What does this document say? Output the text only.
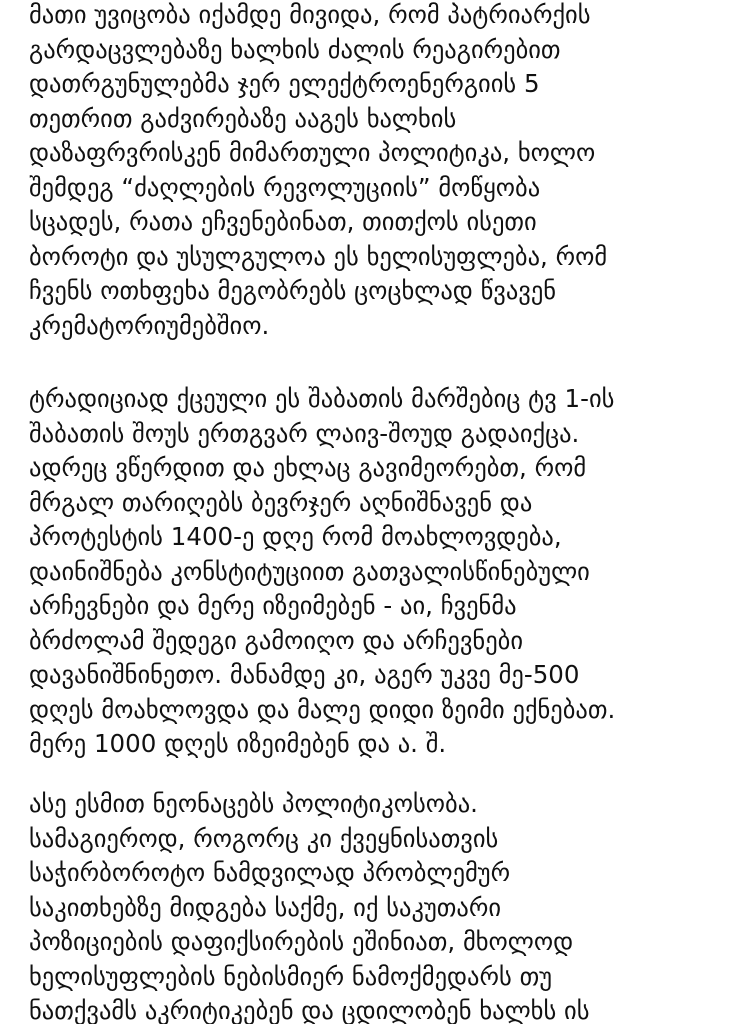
მათი უვიცობა იქამდე მივიდა, რომ პატრიარქის
გარდაცვლებაზე ხალხის ძალის რეაგირებით
დათრგუნულებმა ჯერ ელექტროენერგიის 5
თეთრით გაძვირებაზე ააგეს ხალხის
დაზაფრვრისკენ მიმართული პოლიტიკა, ხოლო
შემდეგ “ძაღლების რევოლუციის” მოწყობა
სცადეს, რათა ეჩვენებინათ, თითქოს ისეთი
ბოროტი და უსულგულოა ეს ხელისუფლება, რომ
ჩვენს ოთხფეხა მეგობრებს ცოცხლად წვავენ
კრემატორიუმებშიო.
ტრადიციად ქცეული ეს შაბათის მარშებიც ტვ 1-ის
შაბათის შოუს ერთგვარ ლაივ-შოუდ გადაიქცა.
ადრეც ვწერდით და ეხლაც გავიმეორებთ, რომ
მრგალ თარიღებს ბევრჯერ აღნიშნავენ და
პროტესტის 1400-ე დღე რომ მოახლოვდება,
დაინიშნება კონსტიტუციით გათვალისწინებული
არჩევნები და მერე იზეიმებენ - აი, ჩვენმა
ბრძოლამ შედეგი გამოიღო და არჩევნები
დავანიშნინეთო. მანამდე კი, აგერ უკვე მე-500
დღეს მოახლოვდა და მალე დიდი ზეიმი ექნებათ.
მერე 1000 დღეს იზეიმებენ და ა. შ.
ასე ესმით ნეონაცებს პოლიტიკოსობა.
სამაგიეროდ, როგორც კი ქვეყნისათვის
საჭირბოროტო ნამდვილად პრობლემურ
საკითხებზე მიდგება საქმე, იქ საკუთარი
პოზიციების დაფიქსირების ეშინიათ, მხოლოდ
ხელისუფლების ნებისმიერ ნამოქმედარს თუ
ნათქვამს აკრიტიკებენ და ცდილობენ ხალხს ის
